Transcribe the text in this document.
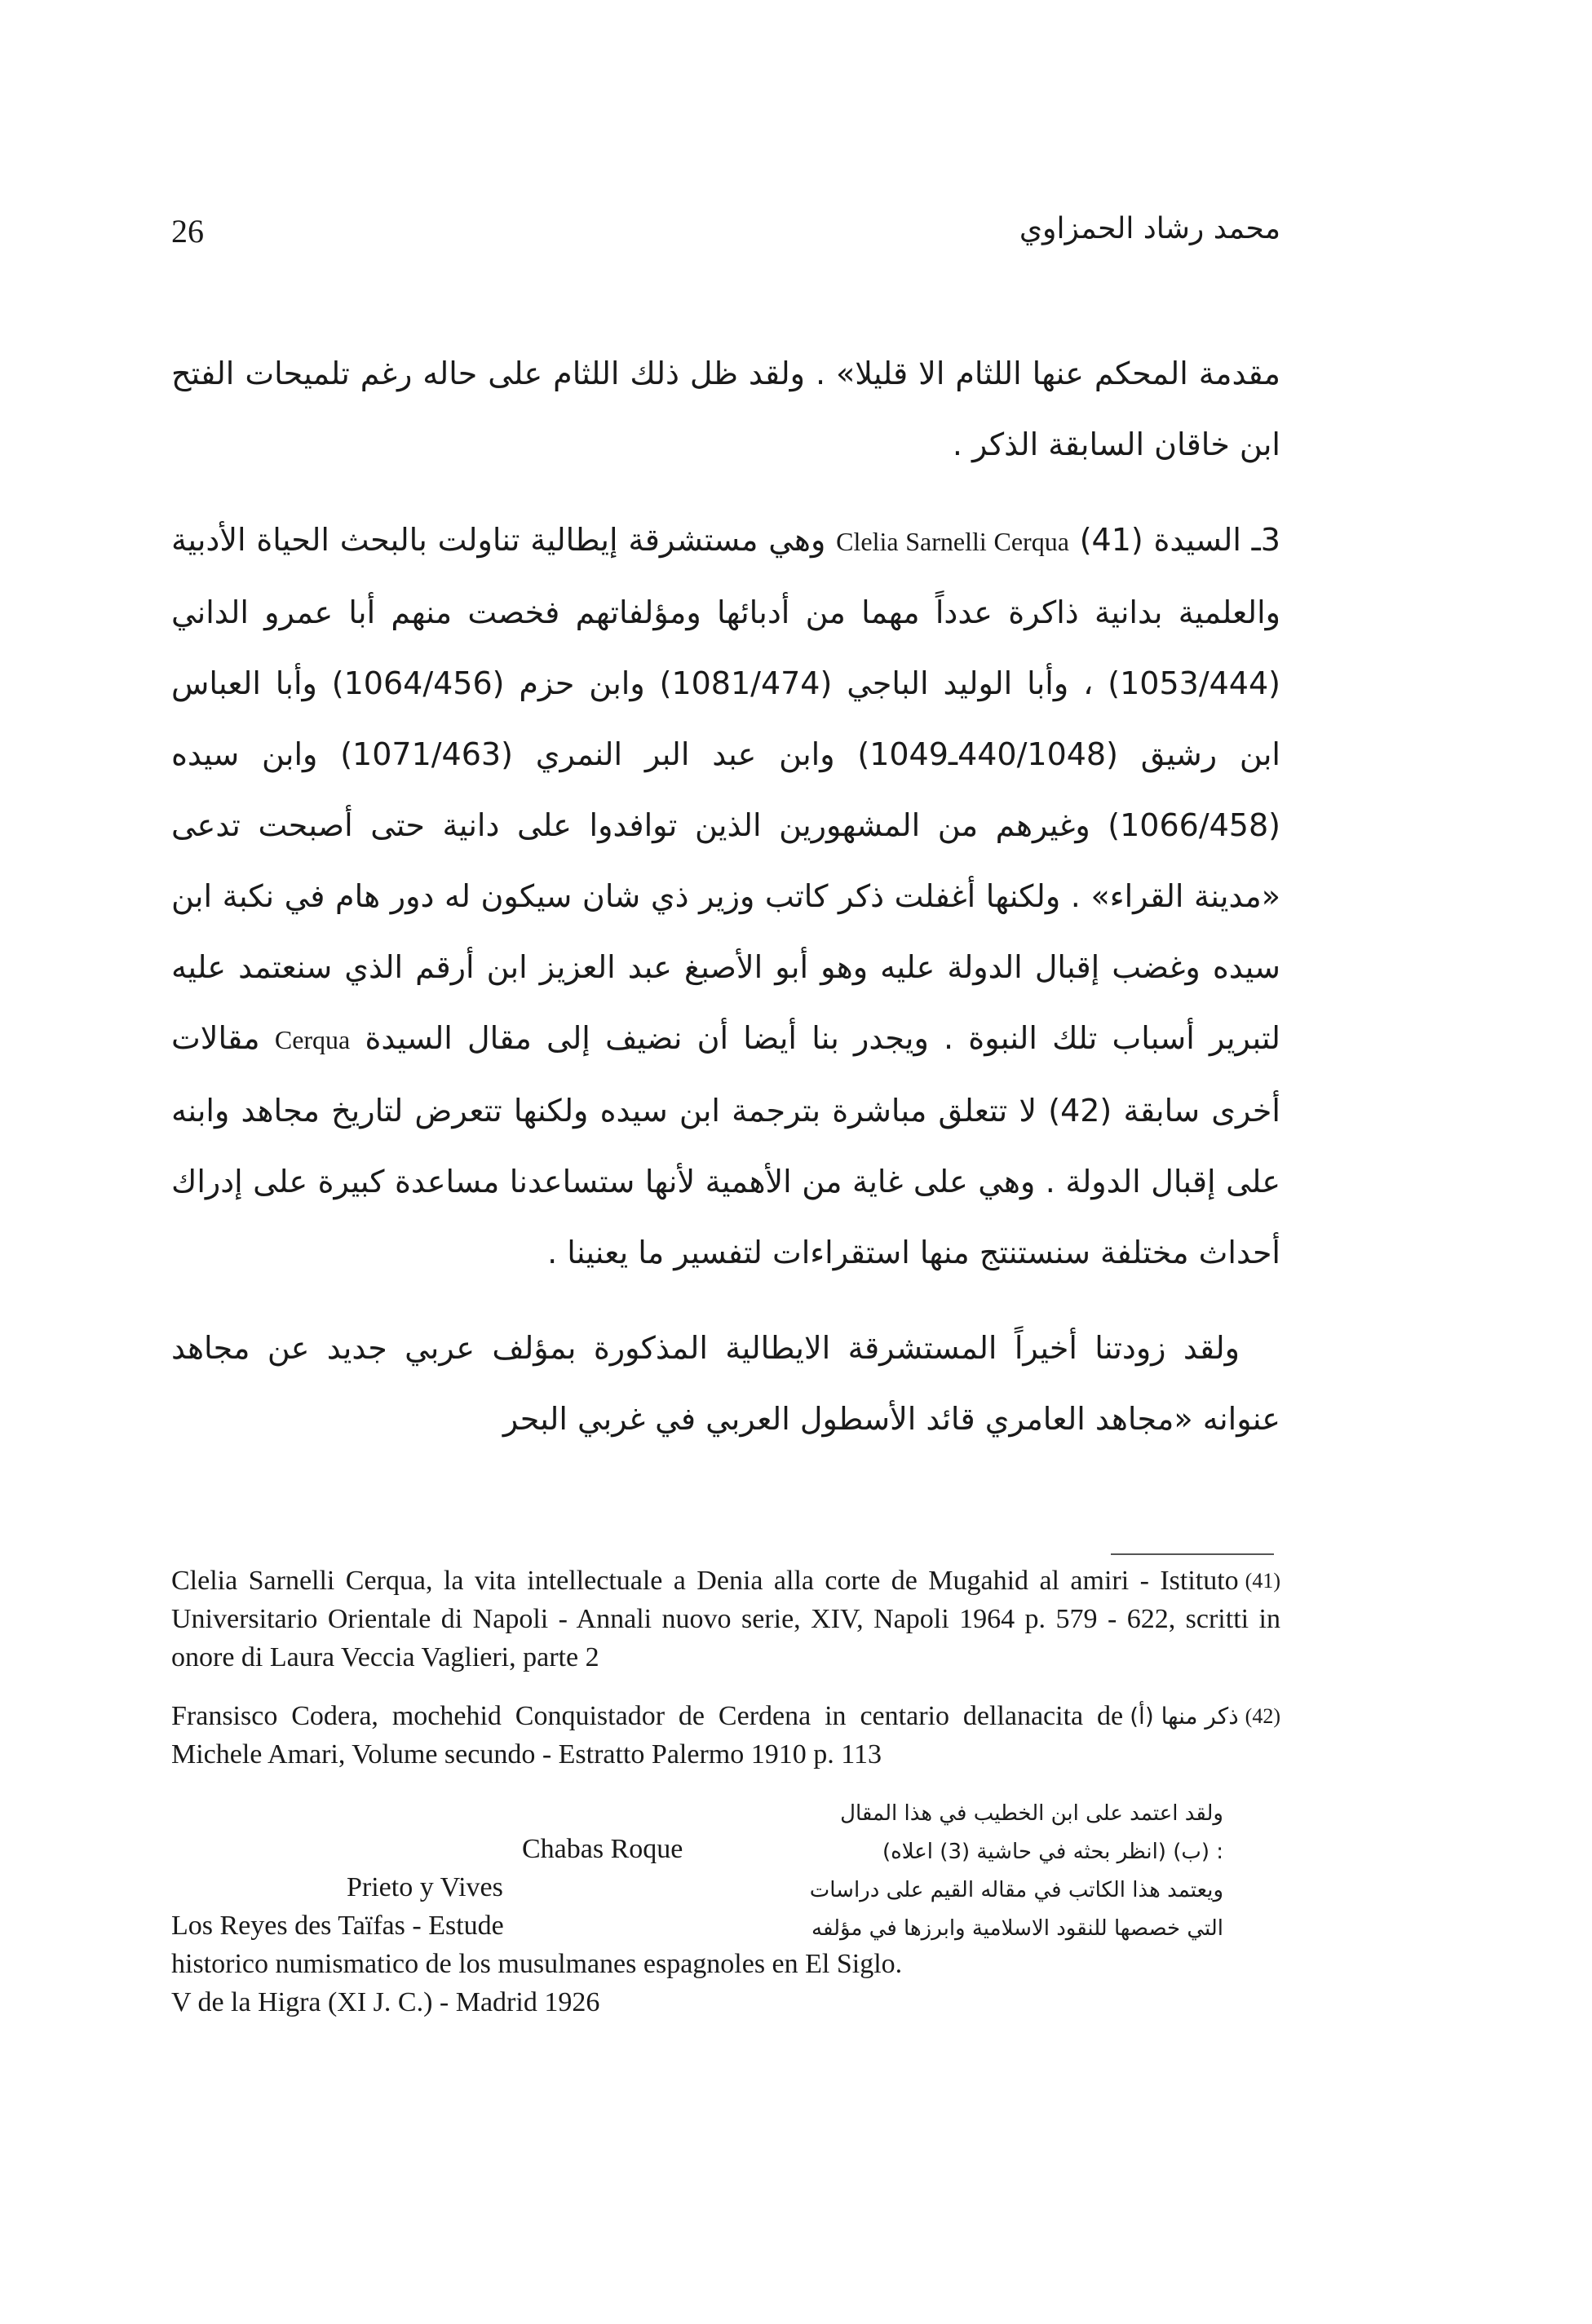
26	محمد رشاد الحمزاوي

مقدمة المحكم عنها اللثام الا قليلا» . ولقد ظل ذلك اللثام على حاله رغم تلميحات الفتح ابن خاقان السابقة الذكر .

3ـ السيدة Clelia Sarnelli Cerqua (41) وهي مستشرقة إيطالية تناولت بالبحث الحياة الأدبية والعلمية بدانية ذاكرة عدداً مهما من أدبائها ومؤلفاتهم فخصت منهم أبا عمرو الداني (1053/444) ، وأبا الوليد الباجي (1081/474) وابن حزم (1064/456) وأبا العباس ابن رشيق (440/1048ـ1049) وابن عبد البر النمري (1071/463) وابن سيده (1066/458) وغيرهم من المشهورين الذين توافدوا على دانية حتى أصبحت تدعى «مدينة القراء» . ولكنها أغفلت ذكر كاتب وزير ذي شان سيكون له دور هام في نكبة ابن سيده وغضب إقبال الدولة عليه وهو أبو الأصبغ عبد العزيز ابن أرقم الذي سنعتمد عليه لتبرير أسباب تلك النبوة . ويجدر بنا أيضا أن نضيف إلى مقال السيدة Cerqua مقالات أخرى سابقة (42) لا تتعلق مباشرة بترجمة ابن سيده ولكنها تتعرض لتاريخ مجاهد وابنه على إقبال الدولة . وهي على غاية من الأهمية لأنها ستساعدنا مساعدة كبيرة على إدراك أحداث مختلفة سنستنتج منها استقراءات لتفسير ما يعنينا .

ولقد زودتنا أخيراً المستشرقة الايطالية المذكورة بمؤلف عربي جديد عن مجاهد عنوانه «مجاهد العامري قائد الأسطول العربي في غربي البحر

(41)
Clelia Sarnelli Cerqua, la vita intellectuale a Denia alla corte de Mugahid al amiri - Istituto Universitario Orientale di Napoli - Annali nuovo serie, XIV, Napoli 1964 p. 579 - 622, scritti in onore di Laura Veccia Vaglieri, parte 2
(42)
ذكر منها (أ)
Fransisco Codera, mochehid Conquistador de Cerdena in centario dellanacita de Michele Amari, Volume secundo - Estratto Palermo 1910 p. 113
ولقد اعتمد على ابن الخطيب في هذا المقال
Chabas Roque	: (ب) (انظر بحثه في حاشية (3) اعلاه)
Prieto y Vives	ويعتمد هذا الكاتب في مقاله القيم على دراسات
Los Reyes des Taïfas - Estude	التي خصصها للنقود الاسلامية وابرزها في مؤلفه
historico numismatico de los musulmanes espagnoles en El Siglo.
V de la Higra (XI J. C.) - Madrid 1926
